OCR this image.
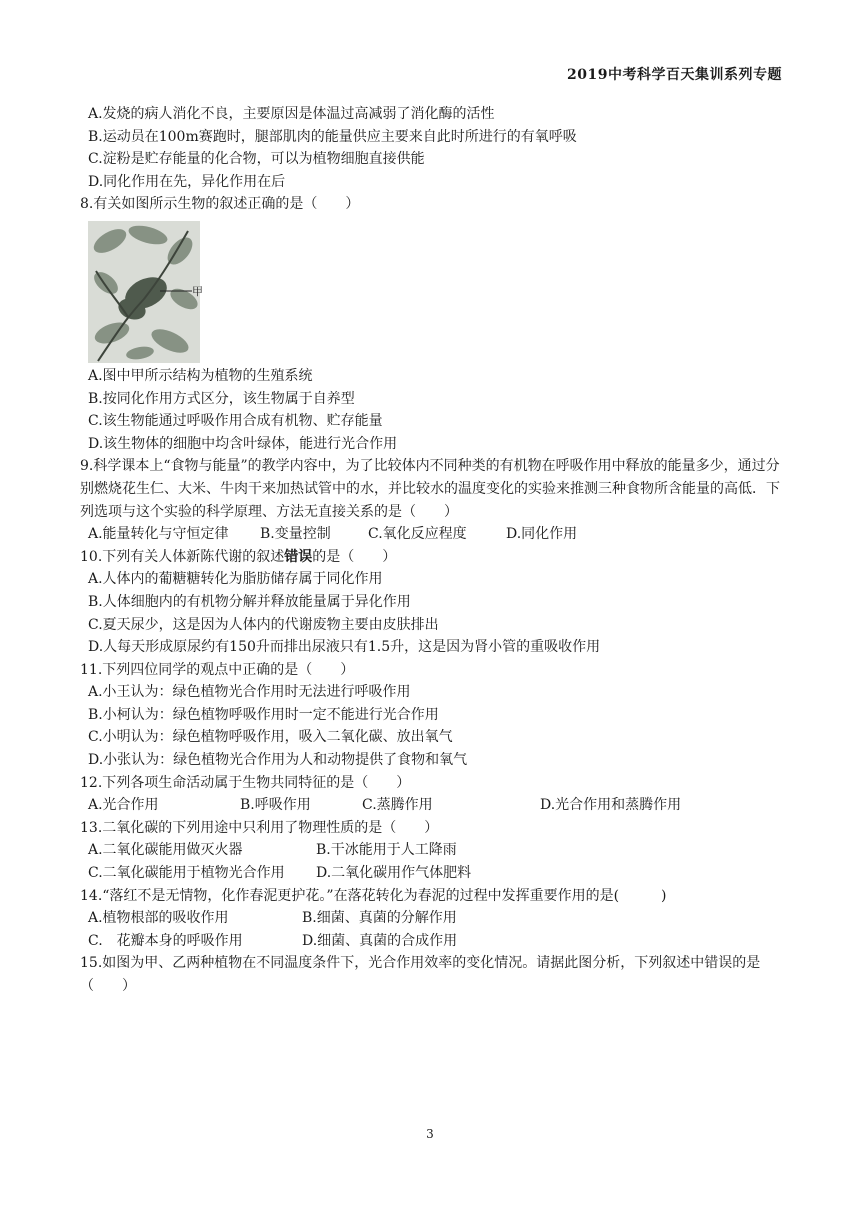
2019中考科学百天集训系列专题
A.发烧的病人消化不良，主要原因是体温过高减弱了消化酶的活性
B.运动员在100m赛跑时，腿部肌肉的能量供应主要来自此时所进行的有氧呼吸
C.淀粉是贮存能量的化合物，可以为植物细胞直接供能
D.同化作用在先，异化作用在后
8.有关如图所示生物的叙述正确的是（　　）
甲
A.图中甲所示结构为植物的生殖系统
B.按同化作用方式区分，该生物属于自养型
C.该生物能通过呼吸作用合成有机物、贮存能量
D.该生物体的细胞中均含叶绿体，能进行光合作用
9.科学课本上“食物与能量”的教学内容中，为了比较体内不同种类的有机物在呼吸作用中释放的能量多少，通过分别燃烧花生仁、大米、牛肉干来加热试管中的水，并比较水的温度变化的实验来推测三种食物所含能量的高低．下列选项与这个实验的科学原理、方法无直接关系的是（　　）
A.能量转化与守恒定律	B.变量控制	C.氧化反应程度	D.同化作用
10.下列有关人体新陈代谢的叙述错误的是（　　）
A.人体内的葡糖糖转化为脂肪储存属于同化作用
B.人体细胞内的有机物分解并释放能量属于异化作用
C.夏天尿少，这是因为人体内的代谢废物主要由皮肤排出
D.人每天形成原尿约有150升而排出尿液只有1.5升，这是因为肾小管的重吸收作用
11.下列四位同学的观点中正确的是（　　）
A.小王认为：绿色植物光合作用时无法进行呼吸作用
B.小柯认为：绿色植物呼吸作用时一定不能进行光合作用
C.小明认为：绿色植物呼吸作用，吸入二氧化碳、放出氧气
D.小张认为：绿色植物光合作用为人和动物提供了食物和氧气
12.下列各项生命活动属于生物共同特征的是（　　）
A.光合作用	B.呼吸作用	C.蒸腾作用	D.光合作用和蒸腾作用
13.二氧化碳的下列用途中只利用了物理性质的是（　　）
A.二氧化碳能用做灭火器	B.干冰能用于人工降雨
C.二氧化碳能用于植物光合作用	D.二氧化碳用作气体肥料
14.“落红不是无情物，化作春泥更护花。”在落花转化为春泥的过程中发挥重要作用的是(　　　)
A.植物根部的吸收作用	B.细菌、真菌的分解作用
C.　花瓣本身的呼吸作用	D.细菌、真菌的合成作用
15.如图为甲、乙两种植物在不同温度条件下，光合作用效率的变化情况。请据此图分析，下列叙述中错误的是（　　）
3
